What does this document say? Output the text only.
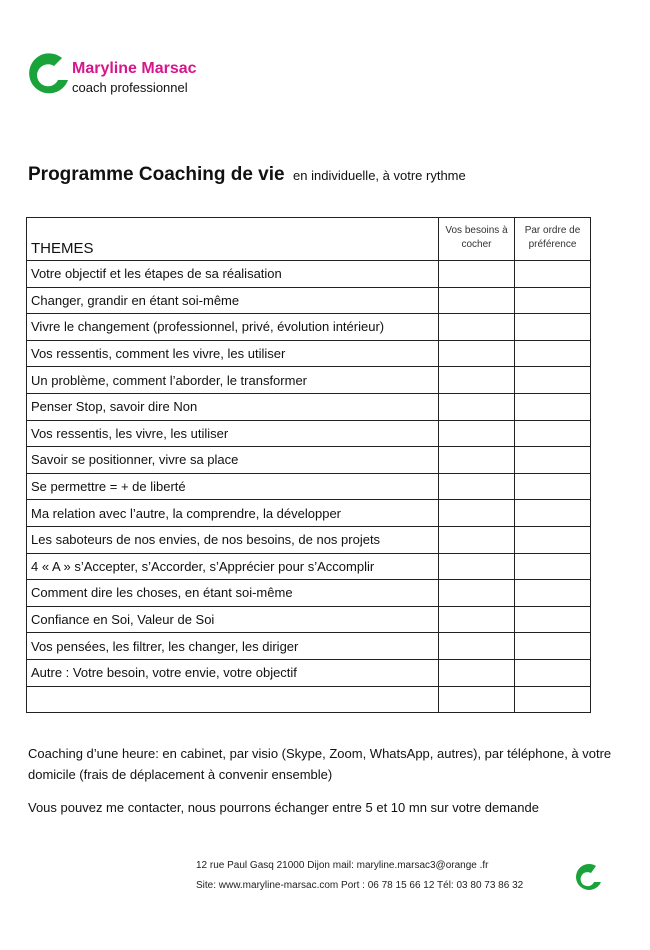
Maryline Marsac
coach professionnel
Programme Coaching de vie en individuelle, à votre rythme
THEMES	Vos besoins à cocher	Par ordre de préférence
Votre objectif et les étapes de sa réalisation		
Changer, grandir en étant soi-même		
Vivre le changement (professionnel, privé, évolution intérieur)		
Vos ressentis, comment les vivre, les utiliser		
Un problème, comment l’aborder, le transformer		
Penser Stop, savoir dire Non		
Vos ressentis, les vivre, les utiliser		
Savoir se positionner, vivre sa place		
Se permettre = + de liberté		
Ma relation avec l’autre, la comprendre, la développer		
Les saboteurs de nos envies, de nos besoins, de nos projets		
4 « A » s’Accepter, s’Accorder, s’Apprécier pour s’Accomplir		
Comment dire les choses, en étant soi-même		
Confiance en Soi, Valeur de Soi		
Vos pensées, les filtrer, les changer, les diriger		
Autre : Votre besoin, votre envie, votre objectif		

Coaching d’une heure: en cabinet, par visio (Skype, Zoom, WhatsApp, autres), par téléphone, à votre domicile (frais de déplacement à convenir ensemble)
Vous pouvez me contacter, nous pourrons échanger entre 5 et 10 mn sur votre demande
12 rue Paul Gasq 21000 Dijon mail: maryline.marsac3@orange .fr
Site: www.maryline-marsac.com Port : 06 78 15 66 12 Tél: 03 80 73 86 32
